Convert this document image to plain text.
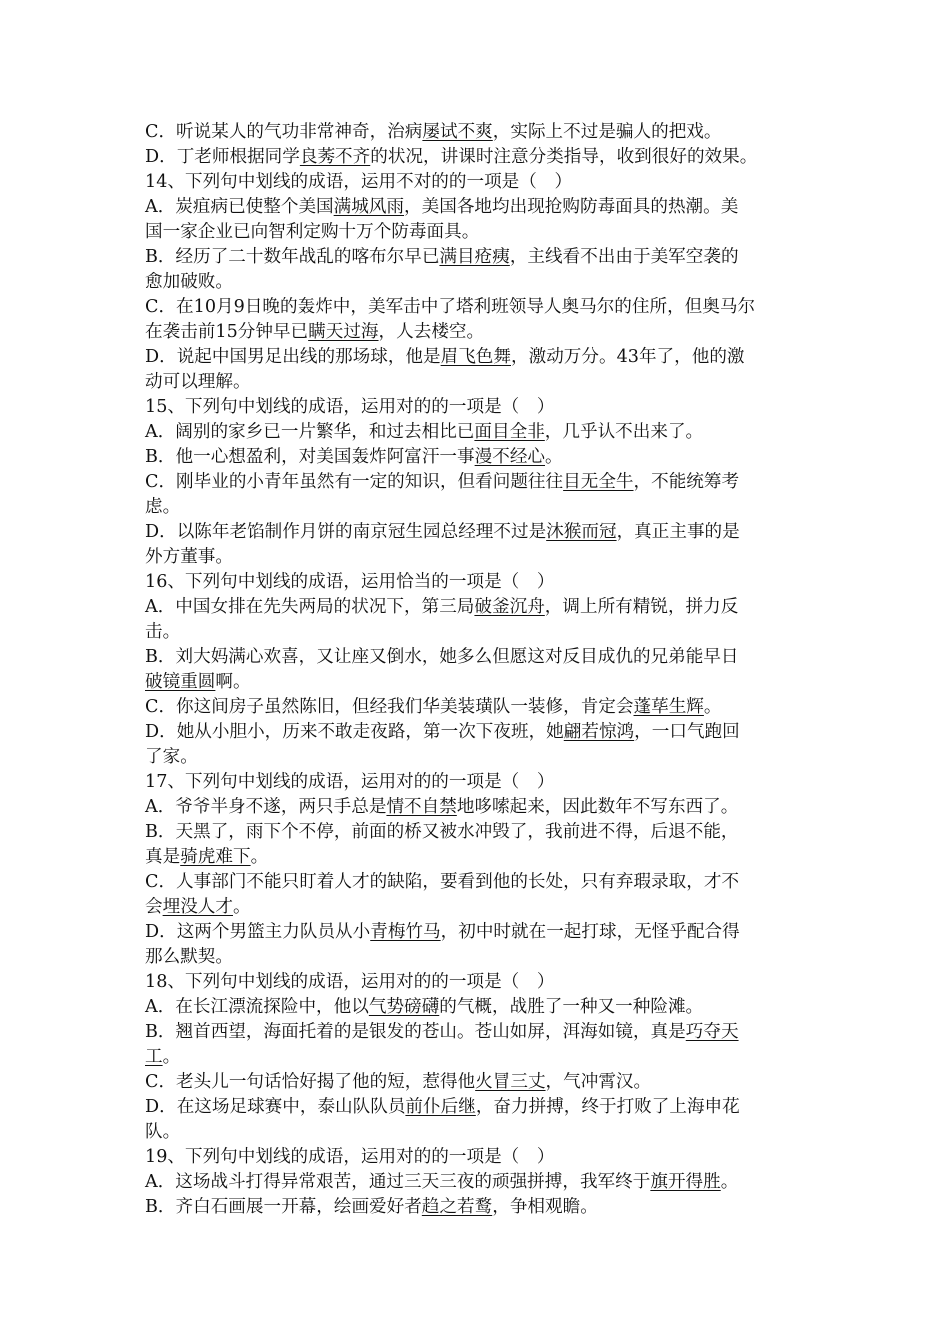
C．听说某人的气功非常神奇，治病屡试不爽，实际上不过是骗人的把戏。
D．丁老师根据同学良莠不齐的状况，讲课时注意分类指导，收到很好的效果。
14、下列句中划线的成语，运用不对的的一项是（　）
A．炭疽病已使整个美国满城风雨，美国各地均出现抢购防毒面具的热潮。美
国一家企业已向智利定购十万个防毒面具。
B．经历了二十数年战乱的喀布尔早已满目疮痍，主线看不出由于美军空袭的
愈加破败。
C．在10月9日晚的轰炸中，美军击中了塔利班领导人奥马尔的住所，但奥马尔
在袭击前15分钟早已瞒天过海，人去楼空。
D．说起中国男足出线的那场球，他是眉飞色舞，激动万分。43年了，他的激
动可以理解。
15、下列句中划线的成语，运用对的的一项是（　）
A．阔别的家乡已一片繁华，和过去相比已面目全非，几乎认不出来了。
B．他一心想盈利，对美国轰炸阿富汗一事漫不经心。
C．刚毕业的小青年虽然有一定的知识，但看问题往往目无全牛，不能统筹考
虑。
D．以陈年老馅制作月饼的南京冠生园总经理不过是沐猴而冠，真正主事的是
外方董事。
16、下列句中划线的成语，运用恰当的一项是（　）
A．中国女排在先失两局的状况下，第三局破釜沉舟，调上所有精锐，拼力反
击。
B．刘大妈满心欢喜，又让座又倒水，她多么但愿这对反目成仇的兄弟能早日
破镜重圆啊。
C．你这间房子虽然陈旧，但经我们华美装璜队一装修，肯定会蓬荜生辉。
D．她从小胆小，历来不敢走夜路，第一次下夜班，她翩若惊鸿，一口气跑回
了家。
17、下列句中划线的成语，运用对的的一项是（　）
A．爷爷半身不遂，两只手总是情不自禁地哆嗦起来，因此数年不写东西了。
B．天黑了，雨下个不停，前面的桥又被水冲毁了，我前进不得，后退不能，
真是骑虎难下。
C．人事部门不能只盯着人才的缺陷，要看到他的长处，只有弃瑕录取，才不
会埋没人才。
D．这两个男篮主力队员从小青梅竹马，初中时就在一起打球，无怪乎配合得
那么默契。
18、下列句中划线的成语，运用对的的一项是（　）
A．在长江漂流探险中，他以气势磅礴的气概，战胜了一种又一种险滩。
B．翘首西望，海面托着的是银发的苍山。苍山如屏，洱海如镜，真是巧夺天
工。
C．老头儿一句话恰好揭了他的短，惹得他火冒三丈，气冲霄汉。
D．在这场足球赛中，泰山队队员前仆后继，奋力拼搏，终于打败了上海申花
队。
19、下列句中划线的成语，运用对的的一项是（　）
A．这场战斗打得异常艰苦，通过三天三夜的顽强拼搏，我军终于旗开得胜。
B．齐白石画展一开幕，绘画爱好者趋之若鹜，争相观瞻。
